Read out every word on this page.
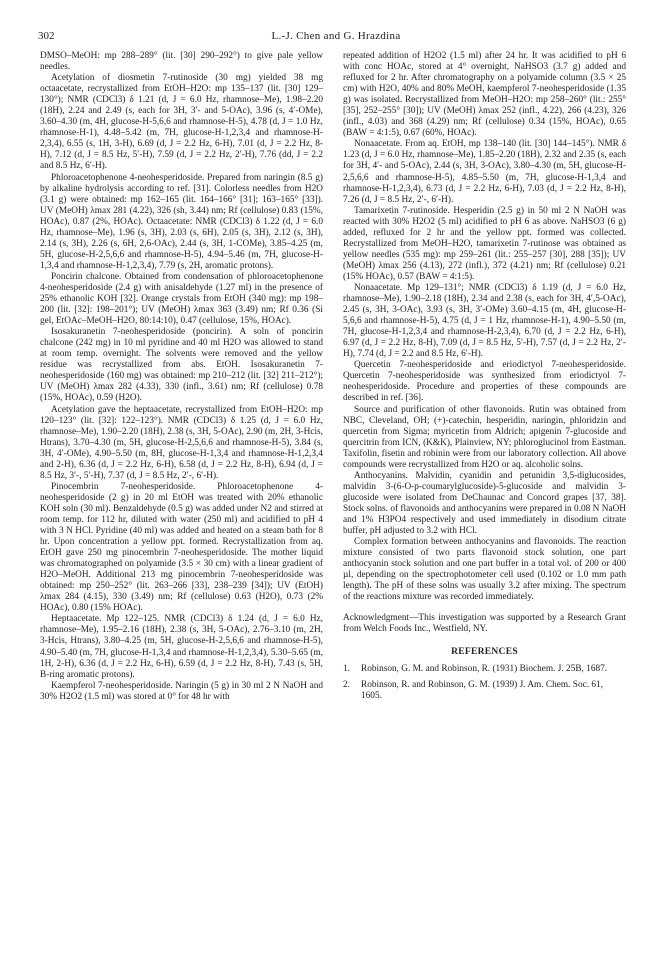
302	L.-J. Chen and G. Hrazdina

DMSO–MeOH: mp 288–289° (lit. [30] 290–292°) to give pale yellow needles.

Acetylation of diosmetin 7-rutinoside (30 mg) yielded 38 mg octaacetate, recrystallized from EtOH–H2O: mp 135–137 (lit. [30] 129–130°); NMR (CDCl3) δ 1.21 (d, J = 6.0 Hz, rhamnose–Me), 1.98–2.20 (18H), 2.24 and 2.49 (s, each for 3H, 3′- and 5-OAc), 3.96 (s, 4′-OMe), 3.60–4.30 (m, 4H, glucose-H-5,6,6 and rhamnose-H-5), 4.78 (d, J = 1.0 Hz, rhamnose-H-1), 4.48–5.42 (m, 7H, glucose-H-1,2,3,4 and rhamnose-H-2,3,4), 6.55 (s, 1H, 3-H), 6.69 (d, J = 2.2 Hz, 6-H), 7.01 (d, J = 2.2 Hz, 8-H), 7.12 (d, J = 8.5 Hz, 5′-H), 7.59 (d, J = 2.2 Hz, 2′-H), 7.76 (dd, J = 2.2 and 8.5 Hz, 6′-H).

Phloroacetophenone 4-neohesperidoside. Prepared from naringin (8.5 g) by alkaline hydrolysis according to ref. [31]. Colorless needles from H2O (3.1 g) were obtained: mp 162–165 (lit. 164–166° [31]; 163–165° [33]). UV (MeOH) λmax 281 (4.22), 326 (sh, 3.44) nm; Rf (cellulose) 0.83 (15%, HOAc), 0.87 (2%, HOAc). Octaacetate: NMR (CDCl3) δ 1.22 (d, J = 6.0 Hz, rhamnose–Me), 1.96 (s, 3H), 2.03 (s, 6H), 2.05 (s, 3H), 2.12 (s, 3H), 2.14 (s, 3H), 2.26 (s, 6H, 2,6-OAc), 2.44 (s, 3H, 1-COMe), 3.85–4.25 (m, 5H, glucose-H-2,5,6,6 and rhamnose-H-5), 4.94–5.46 (m, 7H, glucose-H-1,3,4 and rhamnose-H-1,2,3,4), 7.79 (s, 2H, aromatic protons).

Poncirin chalcone. Obtained from condensation of phloroacetophenone 4-neohesperidoside (2.4 g) with anisaldehyde (1.27 ml) in the presence of 25% ethanolic KOH [32]. Orange crystals from EtOH (340 mg): mp 198–200 (lit. [32]: 198–201°); UV (MeOH) λmax 363 (3.49) nm; Rf 0.36 (Si gel, EtOAc–MeOH–H2O, 80:14:10), 0.47 (cellulose, 15%, HOAc).

Isosakuranetin 7-neohesperidoside (poncirin). A soln of poncirin chalcone (242 mg) in 10 ml pyridine and 40 ml H2O was allowed to stand at room temp. overnight. The solvents were removed and the yellow residue was recrystallized from abs. EtOH. Isosakuranetin 7-neohesperidoside (160 mg) was obtained: mp 210–212 (lit. [32] 211–212°); UV (MeOH) λmax 282 (4.33), 330 (infl., 3.61) nm; Rf (cellulose) 0.78 (15%, HOAc), 0.59 (H2O).

Acetylation gave the heptaacetate, recrystallized from EtOH–H2O: mp 120–123° (lit. [32]: 122–123°). NMR (CDCl3) δ 1.25 (d, J = 6.0 Hz, rhamnose–Me), 1.90–2.20 (18H), 2.38 (s, 3H, 5-OAc), 2.90 (m, 2H, 3-Hcis, Htrans), 3.70–4.30 (m, 5H, glucose-H-2,5,6,6 and rhamnose-H-5), 3.84 (s, 3H, 4′-OMe), 4.90–5.50 (m, 8H, glucose-H-1,3,4 and rhamnose-H-1,2,3,4 and 2-H), 6.36 (d, J = 2.2 Hz, 6-H), 6.58 (d, J = 2.2 Hz, 8-H), 6.94 (d, J = 8.5 Hz, 3′-, 5′-H), 7.37 (d, J = 8.5 Hz, 2′-, 6′-H).

Pinocembrin 7-neohesperidoside. Phloroacetophenone 4-neohesperidoside (2 g) in 20 ml EtOH was treated with 20% ethanolic KOH soln (30 ml). Benzaldehyde (0.5 g) was added under N2 and stirred at room temp. for 112 hr, diluted with water (250 ml) and acidified to pH 4 with 3 N HCl. Pyridine (40 ml) was added and heated on a steam bath for 8 hr. Upon concentration a yellow ppt. formed. Recrystallization from aq. EtOH gave 250 mg pinocembrin 7-neohesperidoside. The mother liquid was chromatographed on polyamide (3.5 × 30 cm) with a linear gradient of H2O–MeOH. Additional 213 mg pinocembrin 7-neohesperidoside was obtained: mp 250–252° (lit. 263–266 [33], 238–239 [34]); UV (EtOH) λmax 284 (4.15), 330 (3.49) nm; Rf (cellulose) 0.63 (H2O), 0.73 (2% HOAc), 0.80 (15% HOAc).

Heptaacetate. Mp 122–125. NMR (CDCl3) δ 1.24 (d, J = 6.0 Hz, rhamnose–Me), 1.95–2.16 (18H), 2.38 (s, 3H, 5-OAc), 2.76–3.10 (m, 2H, 3-Hcis, Htrans), 3.80–4.25 (m, 5H, glucose-H-2,5,6,6 and rhamnose-H-5), 4.90–5.40 (m, 7H, glucose-H-1,3,4 and rhamnose-H-1,2,3,4), 5.30–5.65 (m, 1H, 2-H), 6.36 (d, J = 2.2 Hz, 6-H), 6.59 (d, J = 2.2 Hz, 8-H), 7.43 (s, 5H, B-ring aromatic protons).

Kaempferol 7-neohesperidoside. Naringin (5 g) in 30 ml 2 N NaOH and 30% H2O2 (1.5 ml) was stored at 0° for 48 hr with

repeated addition of H2O2 (1.5 ml) after 24 hr. It was acidified to pH 6 with conc HOAc, stored at 4° overnight, NaHSO3 (3.7 g) added and refluxed for 2 hr. After chromatography on a polyamide column (3.5 × 25 cm) with H2O, 40% and 80% MeOH, kaempferol 7-neohesperidoside (1.35 g) was isolated. Recrystallized from MeOH–H2O: mp 258–260° (lit.: 255° [35], 252–255° [30]); UV (MeOH) λmax 252 (infl., 4.22), 266 (4.23), 326 (infl., 4.03) and 368 (4.29) nm; Rf (cellulose) 0.34 (15%, HOAc), 0.65 (BAW = 4:1:5), 0.67 (60%, HOAc).

Nonaacetate. From aq. EtOH, mp 138–140 (lit. [30] 144–145°). NMR δ 1.23 (d, J = 6.0 Hz, rhamnose–Me), 1.85–2.20 (18H), 2.32 and 2.35 (s, each for 3H, 4′- and 5-OAc), 2.44 (s, 3H, 3-OAc), 3.80–4.30 (m, 5H, glucose-H-2,5,6,6 and rhamnose-H-5), 4.85–5.50 (m, 7H, glucose-H-1,3,4 and rhamnose-H-1,2,3,4), 6.73 (d, J = 2.2 Hz, 6-H), 7.03 (d, J = 2.2 Hz, 8-H), 7.26 (d, J = 8.5 Hz, 2′-, 6′-H).

Tamarixetin 7-rutinoside. Hesperidin (2.5 g) in 50 ml 2 N NaOH was reacted with 30% H2O2 (5 ml) acidified to pH 6 as above. NaHSO3 (6 g) added, refluxed for 2 hr and the yellow ppt. formed was collected. Recrystallized from MeOH–H2O, tamarixetin 7-rutinose was obtained as yellow needles (535 mg): mp 259–261 (lit.: 255–257 [30], 288 [35]); UV (MeOH) λmax 256 (4.13), 272 (infl.), 372 (4.21) nm; Rf (cellulose) 0.21 (15% HOAc), 0.57 (BAW = 4:1:5).

Nonaacetate. Mp 129–131°; NMR (CDCl3) δ 1.19 (d, J = 6.0 Hz, rhamnose–Me), 1.90–2.18 (18H), 2.34 and 2.38 (s, each for 3H, 4′,5-OAc), 2.45 (s, 3H, 3-OAc), 3.93 (s, 3H, 3′-OMe) 3.60–4.15 (m, 4H, glucose-H-5,6,6 and rhamnose-H-5), 4.75 (d, J = 1 Hz, rhamnose-H-1), 4.90–5.50 (m, 7H, glucose-H-1,2,3,4 and rhamnose-H-2,3,4), 6.70 (d, J = 2.2 Hz, 6-H), 6.97 (d, J = 2.2 Hz, 8-H), 7.09 (d, J = 8.5 Hz, 5′-H), 7.57 (d, J = 2.2 Hz, 2′-H), 7.74 (d, J = 2.2 and 8.5 Hz, 6′-H).

Quercetin 7-neohesperidoside and eriodictyol 7-neohesperidoside. Quercetin 7-neohesperidoside was synthesized from eriodictyol 7-neohesperidoside. Procedure and properties of these compounds are described in ref. [36].

Source and purification of other flavonoids. Rutin was obtained from NBC, Cleveland, OH; (+)-catechin, hesperidin, naringin, phloridzin and quercetin from Sigma; myricetin from Aldrich; apigenin 7-glucoside and quercitrin from ICN, (K&K), Plainview, NY; phloroglucinol from Eastman. Taxifolin, fisetin and robinin were from our laboratory collection. All above compounds were recrystallized from H2O or aq. alcoholic solns.

Anthocyanins. Malvidin, cyanidin and petunidin 3,5-diglucosides, malvidin 3-(6-O-p-coumarylglucoside)-5-glucoside and malvidin 3-glucoside were isolated from DeChaunac and Concord grapes [37, 38]. Stock solns. of flavonoids and anthocyanins were prepared in 0.08 N NaOH and 1% H3PO4 respectively and used immediately in disodium citrate buffer, pH adjusted to 3.2 with HCl.

Complex formation between anthocyanins and flavonoids. The reaction mixture consisted of two parts flavonoid stock solution, one part anthocyanin stock solution and one part buffer in a total vol. of 200 or 400 µl, depending on the spectrophotometer cell used (0.102 or 1.0 mm path length). The pH of these solns was usually 3.2 after mixing. The spectrum of the reactions mixture was recorded immediately.

Acknowledgment—This investigation was supported by a Research Grant from Welch Foods Inc., Westfield, NY.

REFERENCES
1.	Robinson, G. M. and Robinson, R. (1931) Biochem. J. 25B, 1687.
2.	Robinson, R. and Robinson, G. M. (1939) J. Am. Chem. Soc. 61, 1605.
